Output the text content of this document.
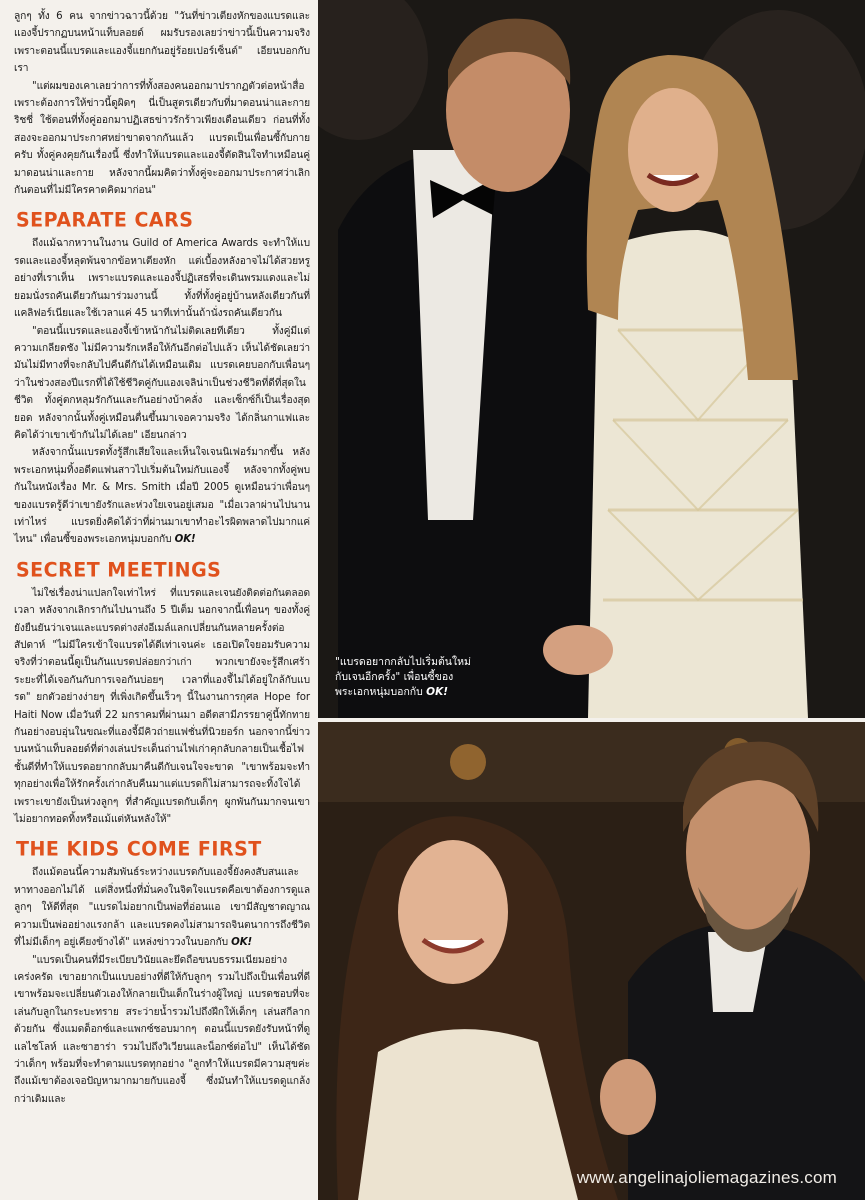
ลูกๆ ทั้ง 6 คน จากข่าวฉาวนี้ด้วย "วันที่ข่าวเตียงหักของแบรดและแองจี้ปรากฏบนหน้าแท็บลอยด์ ผมรับรองเลยว่าข่าวนี้เป็นความจริง เพราะตอนนี้แบรดและแองจี้แยกกันอยู่ร้อยเปอร์เซ็นต์" เอียนบอกกับเรา

"แต่ผมของเคาเลยว่าการที่ทั้งสองคนออกมาปรากฏตัวต่อหน้าสื่อ เพราะต้องการให้ข่าวนี้ดูผิดๆ นี่เป็นสูตรเดียวกับที่มาดอนน่าและกาย ริชชี่ ใช้ตอนที่ทั้งคู่ออกมาปฏิเสธข่าวรักร้าวเพียงเดือนเดียว ก่อนที่ทั้งสองจะออกมาประกาศหย่าขาดจากกันแล้ว แบรดเป็นเพื่อนซี้กับกายครับ ทั้งคู่คงคุยกันเรื่องนี้ ซึ่งทำให้แบรดและแองจี้ตัดสินใจทำเหมือนคู่มาดอนน่าและกาย หลังจากนี้ผมคิดว่าทั้งคู่จะออกมาประกาศว่าเลิกกันตอนที่ไม่มีใครคาดคิดมาก่อน"

SEPARATE CARS

ถึงแม้ฉากหวานในงาน Guild of America Awards จะทำให้แบรดและแองจี้หลุดพ้นจากข้อหาเตียงหัก แต่เบื้องหลังอาจไม่ได้สวยหรูอย่างที่เราเห็น เพราะแบรดและแองจี้ปฏิเสธที่จะเดินพรมแดงและไม่ยอมนั่งรถคันเดียวกันมาร่วมงานนี้ ทั้งที่ทั้งคู่อยู่บ้านหลังเดียวกันที่แคลิฟอร์เนียและใช้เวลาแค่ 45 นาทีเท่านั้นถ้านั่งรถคันเดียวกัน

"ตอนนี้แบรดและแองจี้เข้าหน้ากันไม่ติดเลยทีเดียว ทั้งคู่มีแต่ความเกลียดชัง ไม่มีความรักเหลือให้กันอีกต่อไปแล้ว เห็นได้ชัดเลยว่ามันไม่มีทางที่จะกลับไปคืนดีกันได้เหมือนเดิม แบรดเคยบอกกับเพื่อนๆ ว่าในช่วงสองปีแรกที่ได้ใช้ชีวิตคู่กับแองเจลิน่าเป็นช่วงชีวิตที่ดีที่สุดในชีวิต ทั้งคู่ตกหลุมรักกันและกันอย่างบ้าคลั่ง และเซ็กซ์ก็เป็นเรื่องสุดยอด หลังจากนั้นทั้งคู่เหมือนตื่นขึ้นมาเจอความจริง ได้กลิ่นกาแฟและคิดได้ว่าเขาเข้ากันไม่ได้เลย" เอียนกล่าว

หลังจากนั้นแบรดทั้งรู้สึกเสียใจและเห็นใจเจนนิเฟอร์มากขึ้น หลังพระเอกหนุ่มทิ้งอดีตแฟนสาวไปเริ่มต้นใหม่กับแองจี้ หลังจากทั้งคู่พบกันในหนังเรื่อง Mr. & Mrs. Smith เมื่อปี 2005 ดูเหมือนว่าเพื่อนๆ ของแบรดรู้ดีว่าเขายังรักและห่วงใยเจนอยู่เสมอ "เมื่อเวลาผ่านไปนานเท่าไหร่ แบรดยิ่งคิดได้ว่าที่ผ่านมาเขาทำอะไรผิดพลาดไปมากแค่ไหน" เพื่อนซี้ของพระเอกหนุ่มบอกกับ OK!

SECRET MEETINGS

ไม่ใช่เรื่องน่าแปลกใจเท่าไหร่ ที่แบรดและเจนยังติดต่อกันตลอดเวลา หลังจากเลิกรากันไปนานถึง 5 ปีเต็ม นอกจากนี้เพื่อนๆ ของทั้งคู่ยังยืนยันว่าเจนและแบรดต่างส่งอีเมล์แลกเปลี่ยนกันหลายครั้งต่อสัปดาห์ "ไม่มีใครเข้าใจแบรดได้ดีเท่าเจนค่ะ เธอเปิดใจยอมรับความจริงที่ว่าตอนนี้ดูเป็นกันแบรดปล่อยกว่าเก่า พวกเขายังจะรู้สึกเศร้าระยะที่ได้เจอกันกับการเจอกันบ่อยๆ เวลาที่แองจี้ไม่ได้อยู่ใกล้กับแบรด" ยกตัวอย่างง่ายๆ ที่เพิ่งเกิดขึ้นเร็วๆ นี้ในงานการกุศล Hope for Haiti Now เมื่อวันที่ 22 มกราคมที่ผ่านมา อดีตสามีภรรยาคู่นี้ทักทายกันอย่างอบอุ่นในขณะที่แองจี้มีคิวถ่ายแฟชั่นที่นิวยอร์ก นอกจากนี้ข่าวบนหน้าแท็บลอยด์ที่ต่างเล่นประเด็นถ่านไฟเก่าคุกลับกลายเป็นเชื้อไฟชั้นดีที่ทำให้แบรดอยากกลับมาคืนดีกับเจนใจจะขาด "เขาพร้อมจะทำทุกอย่างเพื่อให้รักครั้งเก่ากลับคืนมาแต่แบรดก็ไม่สามารถจะทิ้งใจได้เพราะเขายังเป็นห่วงลูกๆ ที่สำคัญแบรดกับเด็กๆ ผูกพันกันมากจนเขาไม่อยากทอดทิ้งหรือแม้แต่หันหลังให้"

THE KIDS COME FIRST

ถึงแม้ตอนนี้ความสัมพันธ์ระหว่างแบรดกับแองจี้ยังคงสับสนและหาทางออกไม่ได้ แต่สิ่งหนึ่งที่มั่นคงในจิตใจแบรดคือเขาต้องการดูแลลูกๆ ให้ดีที่สุด "แบรดไม่อยากเป็นพ่อที่อ่อนแอ เขามีสัญชาตญาณความเป็นพ่ออย่างแรงกล้า และแบรดคงไม่สามารถจินตนาการถึงชีวิตที่ไม่มีเด็กๆ อยู่เคียงข้างได้" แหล่งข่าววงในบอกกับ OK!

"แบรดเป็นคนที่มีระเบียบวินัยและยึดถือขนบธรรมเนียมอย่างเคร่งครัด เขาอยากเป็นแบบอย่างที่ดีให้กับลูกๆ รวมไปถึงเป็นเพื่อนที่ดี เขาพร้อมจะเปลี่ยนตัวเองให้กลายเป็นเด็กในร่างผู้ใหญ่ แบรดชอบที่จะเล่นกับลูกในกระบะทราย สระว่ายน้ำรวมไปถึงฝึกให้เด็กๆ เล่นสกีลากด้วยกัน ซึ่งแมดด็อกซ์และแพกซ์ชอบมากๆ ตอนนี้แบรดยังรับหน้าที่ดูแลไชโลห์ และซาฮาร่า รวมไปถึงวิเวียนและน็อกซ์ต่อไป" เห็นได้ชัดว่าเด็กๆ พร้อมที่จะทำตามแบรดทุกอย่าง "ลูกทำให้แบรดมีความสุขค่ะ ถึงแม้เขาต้องเจอปัญหามากมายกับแองจี้ ซึ่งมันทำให้แบรดดูแกล้งกว่าเดิมและ

"แบรดอยากกลับไปเริ่มต้นใหม่กับเจนอีกครั้ง" เพื่อนซี้ของพระเอกหนุ่มบอกกับ OK!
www.angelinajoliemagazines.com
